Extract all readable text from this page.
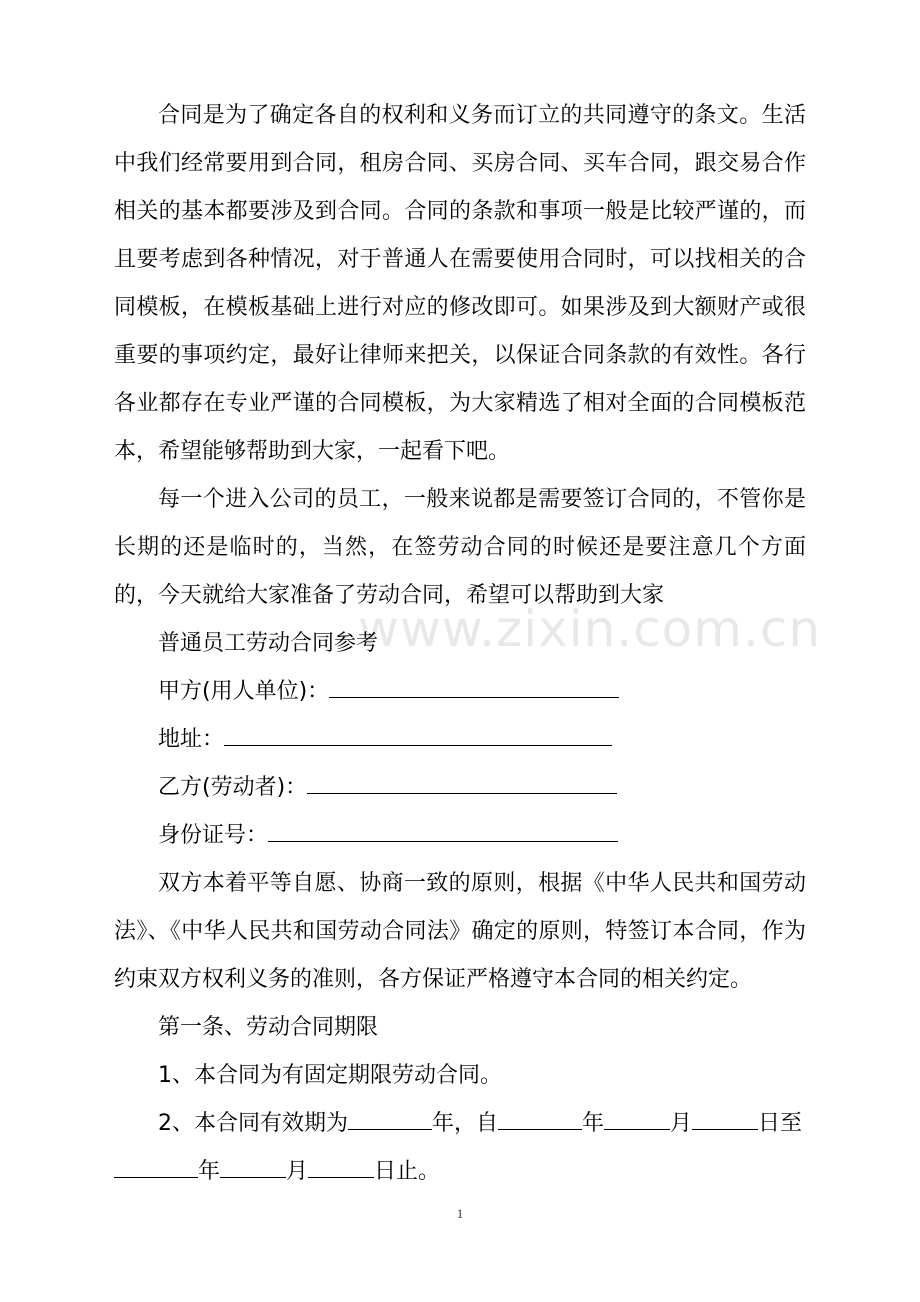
合同是为了确定各自的权利和义务而订立的共同遵守的条文。生活中我们经常要用到合同，租房合同、买房合同、买车合同，跟交易合作相关的基本都要涉及到合同。合同的条款和事项一般是比较严谨的，而且要考虑到各种情况，对于普通人在需要使用合同时，可以找相关的合同模板，在模板基础上进行对应的修改即可。如果涉及到大额财产或很重要的事项约定，最好让律师来把关，以保证合同条款的有效性。各行各业都存在专业严谨的合同模板，为大家精选了相对全面的合同模板范本，希望能够帮助到大家，一起看下吧。

每一个进入公司的员工，一般来说都是需要签订合同的，不管你是长期的还是临时的，当然，在签劳动合同的时候还是要注意几个方面的，今天就给大家准备了劳动合同，希望可以帮助到大家

普通员工劳动合同参考

甲方(用人单位)：

地址：

乙方(劳动者)：

身份证号：

双方本着平等自愿、协商一致的原则，根据《中华人民共和国劳动法》、《中华人民共和国劳动合同法》确定的原则，特签订本合同，作为约束双方权利义务的准则，各方保证严格遵守本合同的相关约定。

第一条、劳动合同期限

1、本合同为有固定期限劳动合同。

2、本合同有效期为	年，自	年	月	日至
年	月	日止。

www.zixin.com.cn
1
